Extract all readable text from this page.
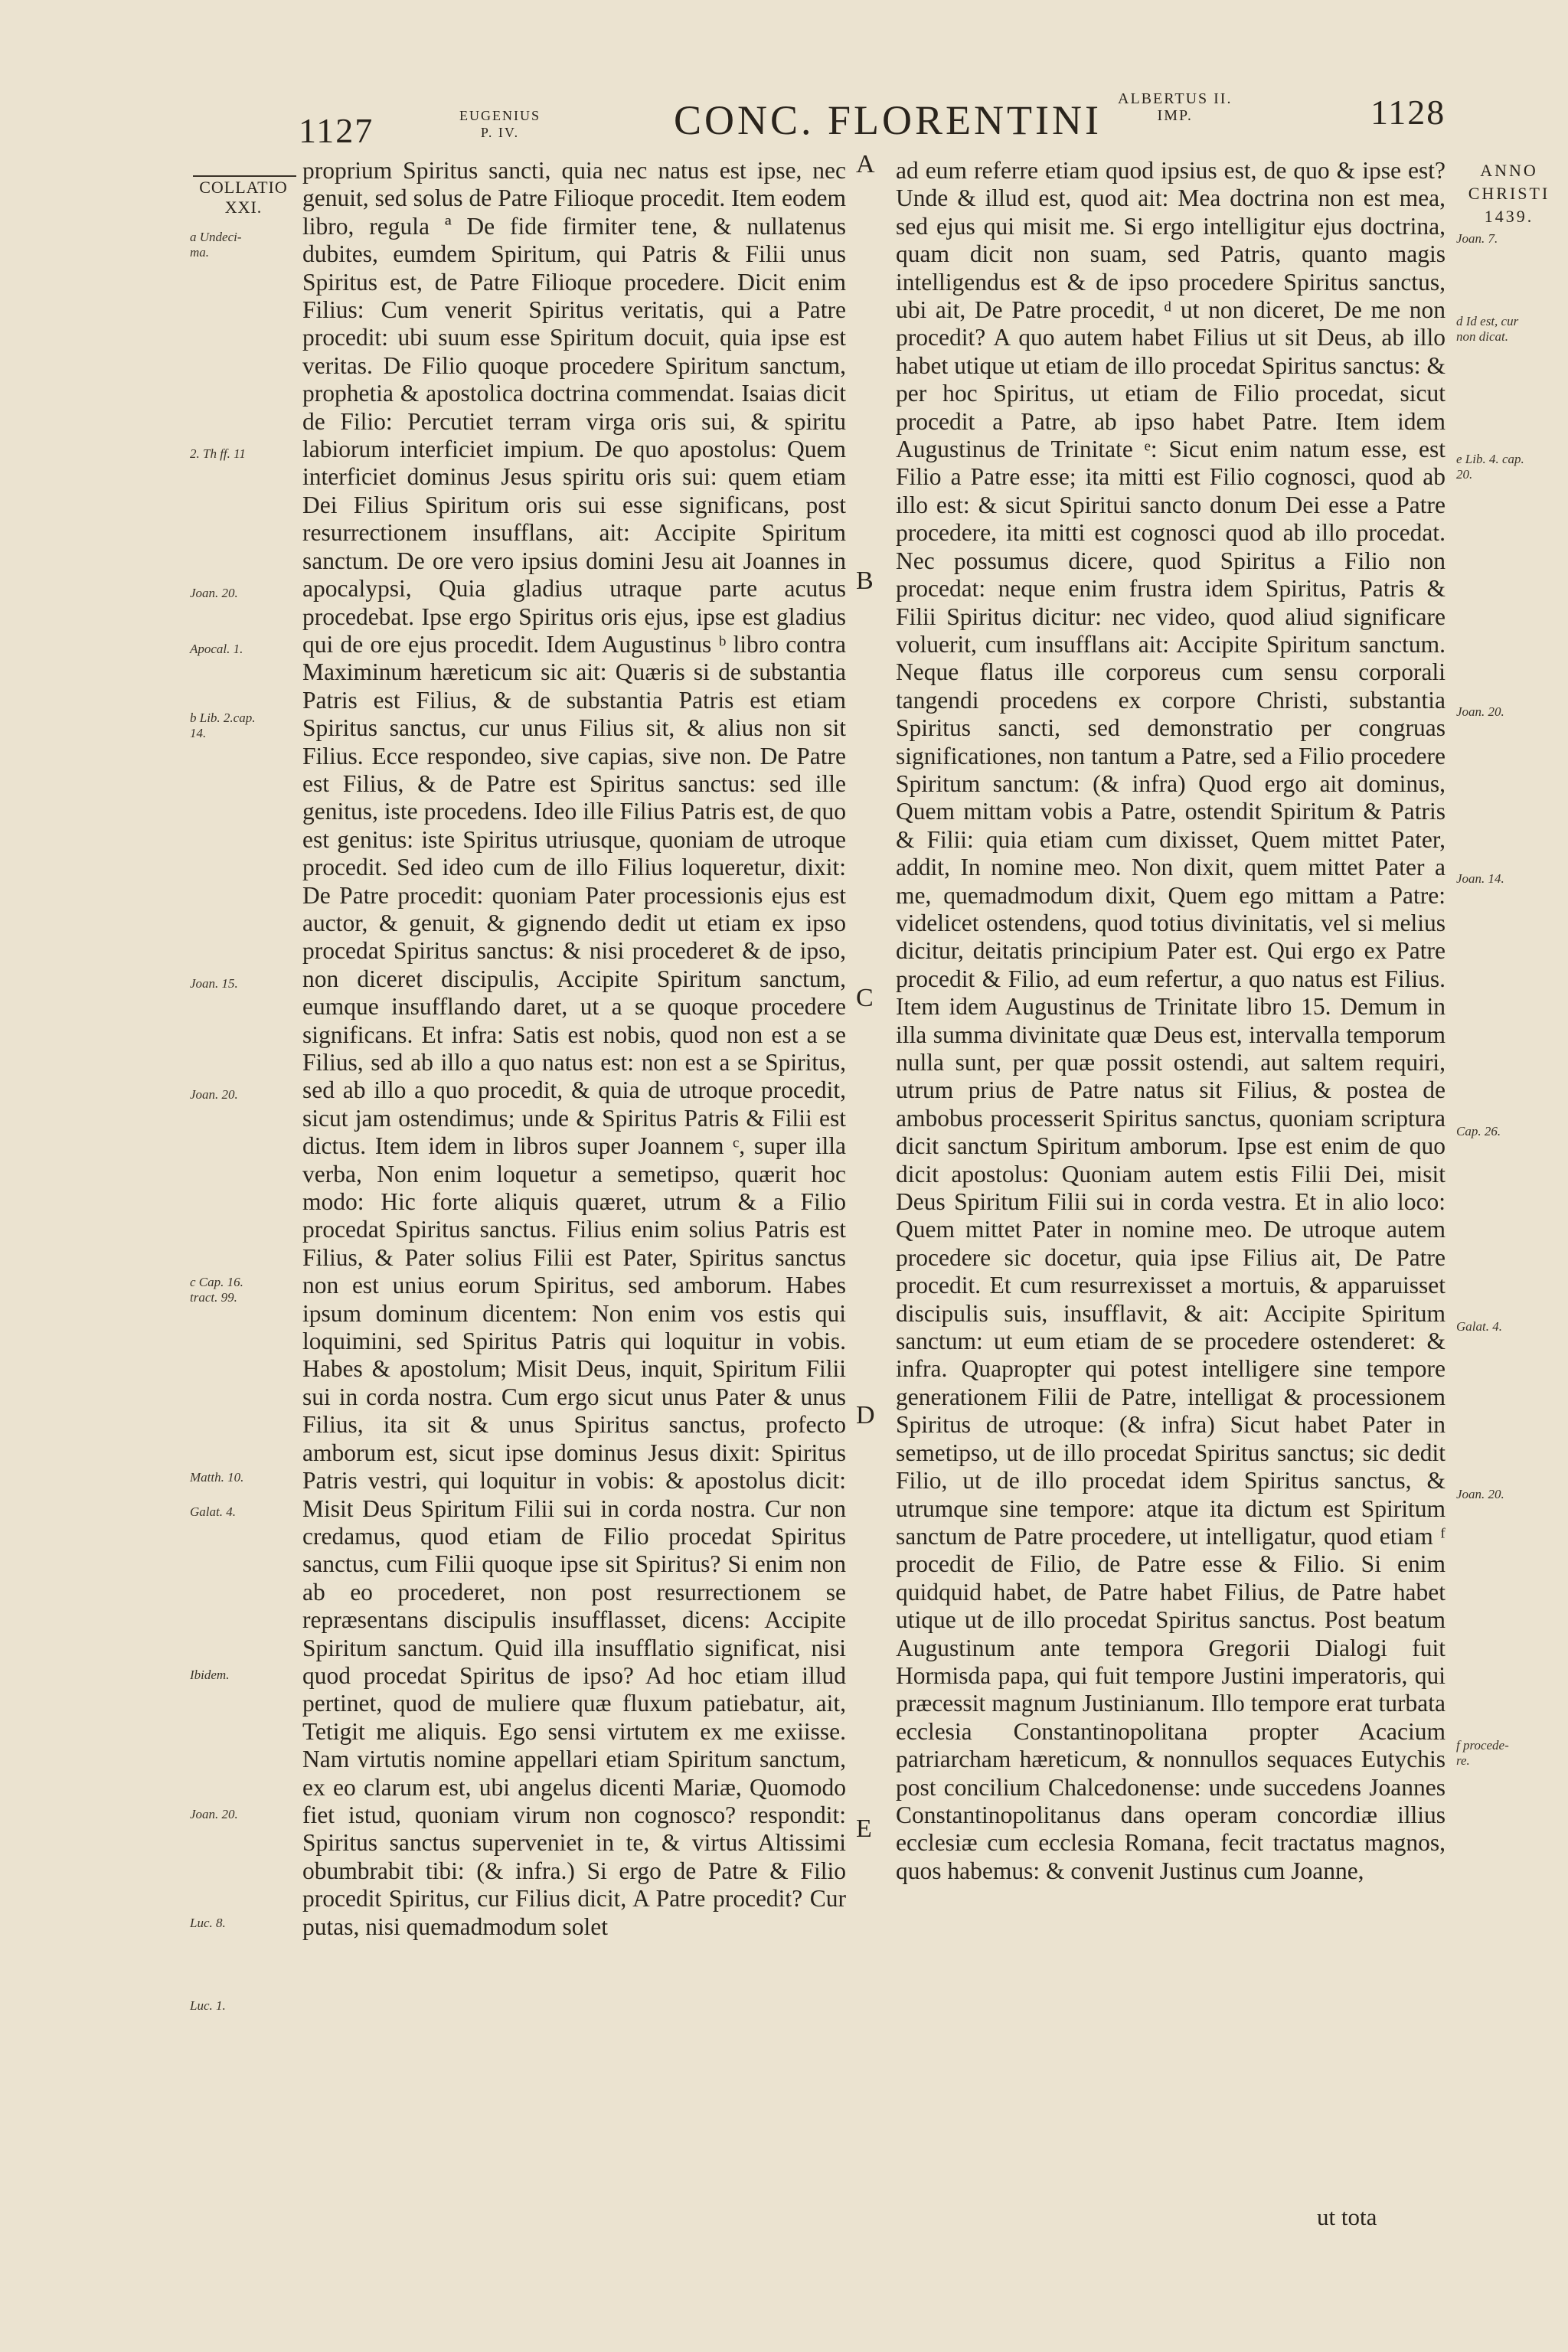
1127	EUGENIUS
P. IV.	CONC. FLORENTINI ALBERTUS II.
IMP.	1128
COLLATIO
XXI.
a Undeci-
ma.
2. Th ff. 11
Joan. 20.
Apocal. 1.
b Lib. 2.cap.
14.
Joan. 15.
Joan. 20.
c Cap. 16.
tract. 99.
Matth. 10.
Galat. 4.
Ibidem.
Joan. 20.
Luc. 8.
Luc. 1.
ANNO
CHRISTI
1439.
Joan. 7.
d Id est, cur
non dicat.
e Lib. 4. cap.
20.
Joan. 20.
Joan. 14.
Cap. 26.
Galat. 4.
Joan. 20.
f procede-
re.
A
B
C
D
E

proprium Spiritus sancti, quia nec natus est ipse, nec genuit, sed solus de Patre Filioque procedit. Item eodem libro, regula ª De fide firmiter tene, & nullatenus dubites, eumdem Spiritum, qui Patris & Filii unus Spiritus est, de Patre Filioque procedere. Dicit enim Filius: Cum venerit Spiritus veritatis, qui a Patre procedit: ubi suum esse Spiritum docuit, quia ipse est veritas. De Filio quoque procedere Spiritum sanctum, prophetia & apostolica doctrina commendat. Isaias dicit de Filio: Percutiet terram virga oris sui, & spiritu labiorum interficiet impium. De quo apostolus: Quem interficiet dominus Jesus spiritu oris sui: quem etiam Dei Filius Spiritum oris sui esse significans, post resurrectionem insufflans, ait: Accipite Spiritum sanctum. De ore vero ipsius domini Jesu ait Joannes in apocalypsi, Quia gladius utraque parte acutus procedebat. Ipse ergo Spiritus oris ejus, ipse est gladius qui de ore ejus procedit. Idem Augustinus ᵇ libro contra Maximinum hæreticum sic ait: Quæris si de substantia Patris est Filius, & de substantia Patris est etiam Spiritus sanctus, cur unus Filius sit, & alius non sit Filius. Ecce respondeo, sive capias, sive non. De Patre est Filius, & de Patre est Spiritus sanctus: sed ille genitus, iste procedens. Ideo ille Filius Patris est, de quo est genitus: iste Spiritus utriusque, quoniam de utroque procedit. Sed ideo cum de illo Filius loqueretur, dixit: De Patre procedit: quoniam Pater processionis ejus est auctor, & genuit, & gignendo dedit ut etiam ex ipso procedat Spiritus sanctus: & nisi procederet & de ipso, non diceret discipulis, Accipite Spiritum sanctum, eumque insufflando daret, ut a se quoque procedere significans. Et infra: Satis est nobis, quod non est a se Filius, sed ab illo a quo natus est: non est a se Spiritus, sed ab illo a quo procedit, & quia de utroque procedit, sicut jam ostendimus; unde & Spiritus Patris & Filii est dictus. Item idem in libros super Joannem ᶜ, super illa verba, Non enim loquetur a semetipso, quærit hoc modo: Hic forte aliquis quæret, utrum & a Filio procedat Spiritus sanctus. Filius enim solius Patris est Filius, & Pater solius Filii est Pater, Spiritus sanctus non est unius eorum Spiritus, sed amborum. Habes ipsum dominum dicentem: Non enim vos estis qui loquimini, sed Spiritus Patris qui loquitur in vobis. Habes & apostolum; Misit Deus, inquit, Spiritum Filii sui in corda nostra. Cum ergo sicut unus Pater & unus Filius, ita sit & unus Spiritus sanctus, profecto amborum est, sicut ipse dominus Jesus dixit: Spiritus Patris vestri, qui loquitur in vobis: & apostolus dicit: Misit Deus Spiritum Filii sui in corda nostra. Cur non credamus, quod etiam de Filio procedat Spiritus sanctus, cum Filii quoque ipse sit Spiritus? Si enim non ab eo procederet, non post resurrectionem se repræsentans discipulis insufflasset, dicens: Accipite Spiritum sanctum. Quid illa insufflatio significat, nisi quod procedat Spiritus de ipso? Ad hoc etiam illud pertinet, quod de muliere quæ fluxum patiebatur, ait, Tetigit me aliquis. Ego sensi virtutem ex me exiisse. Nam virtutis nomine appellari etiam Spiritum sanctum, ex eo clarum est, ubi angelus dicenti Mariæ, Quomodo fiet istud, quoniam virum non cognosco? respondit: Spiritus sanctus superveniet in te, & virtus Altissimi obumbrabit tibi: (& infra.) Si ergo de Patre & Filio procedit Spiritus, cur Filius dicit, A Patre procedit? Cur putas, nisi quemadmodum solet

ad eum referre etiam quod ipsius est, de quo & ipse est? Unde & illud est, quod ait: Mea doctrina non est mea, sed ejus qui misit me. Si ergo intelligitur ejus doctrina, quam dicit non suam, sed Patris, quanto magis intelligendus est & de ipso procedere Spiritus sanctus, ubi ait, De Patre procedit, ᵈ ut non diceret, De me non procedit? A quo autem habet Filius ut sit Deus, ab illo habet utique ut etiam de illo procedat Spiritus sanctus: & per hoc Spiritus, ut etiam de Filio procedat, sicut procedit a Patre, ab ipso habet Patre. Item idem Augustinus de Trinitate ᵉ: Sicut enim natum esse, est Filio a Patre esse; ita mitti est Filio cognosci, quod ab illo est: & sicut Spiritui sancto donum Dei esse a Patre procedere, ita mitti est cognosci quod ab illo procedat. Nec possumus dicere, quod Spiritus a Filio non procedat: neque enim frustra idem Spiritus, Patris & Filii Spiritus dicitur: nec video, quod aliud significare voluerit, cum insufflans ait: Accipite Spiritum sanctum. Neque flatus ille corporeus cum sensu corporali tangendi procedens ex corpore Christi, substantia Spiritus sancti, sed demonstratio per congruas significationes, non tantum a Patre, sed a Filio procedere Spiritum sanctum: (& infra) Quod ergo ait dominus, Quem mittam vobis a Patre, ostendit Spiritum & Patris & Filii: quia etiam cum dixisset, Quem mittet Pater, addit, In nomine meo. Non dixit, quem mittet Pater a me, quemadmodum dixit, Quem ego mittam a Patre: videlicet ostendens, quod totius divinitatis, vel si melius dicitur, deitatis principium Pater est. Qui ergo ex Patre procedit & Filio, ad eum refertur, a quo natus est Filius. Item idem Augustinus de Trinitate libro 15. Demum in illa summa divinitate quæ Deus est, intervalla temporum nulla sunt, per quæ possit ostendi, aut saltem requiri, utrum prius de Patre natus sit Filius, & postea de ambobus processerit Spiritus sanctus, quoniam scriptura dicit sanctum Spiritum amborum. Ipse est enim de quo dicit apostolus: Quoniam autem estis Filii Dei, misit Deus Spiritum Filii sui in corda vestra. Et in alio loco: Quem mittet Pater in nomine meo. De utroque autem procedere sic docetur, quia ipse Filius ait, De Patre procedit. Et cum resurrexisset a mortuis, & apparuisset discipulis suis, insufflavit, & ait: Accipite Spiritum sanctum: ut eum etiam de se procedere ostenderet: & infra. Quapropter qui potest intelligere sine tempore generationem Filii de Patre, intelligat & processionem Spiritus de utroque: (& infra) Sicut habet Pater in semetipso, ut de illo procedat Spiritus sanctus; sic dedit Filio, ut de illo procedat idem Spiritus sanctus, & utrumque sine tempore: atque ita dictum est Spiritum sanctum de Patre procedere, ut intelligatur, quod etiam ᶠ procedit de Filio, de Patre esse & Filio. Si enim quidquid habet, de Patre habet Filius, de Patre habet utique ut de illo procedat Spiritus sanctus. Post beatum Augustinum ante tempora Gregorii Dialogi fuit Hormisda papa, qui fuit tempore Justini imperatoris, qui præcessit magnum Justinianum. Illo tempore erat turbata ecclesia Constantinopolitana propter Acacium patriarcham hæreticum, & nonnullos sequaces Eutychis post concilium Chalcedonense: unde succedens Joannes Constantinopolitanus dans operam concordiæ illius ecclesiæ cum ecclesia Romana, fecit tractatus magnos, quos habemus: & convenit Justinus cum Joanne,

ut tota
